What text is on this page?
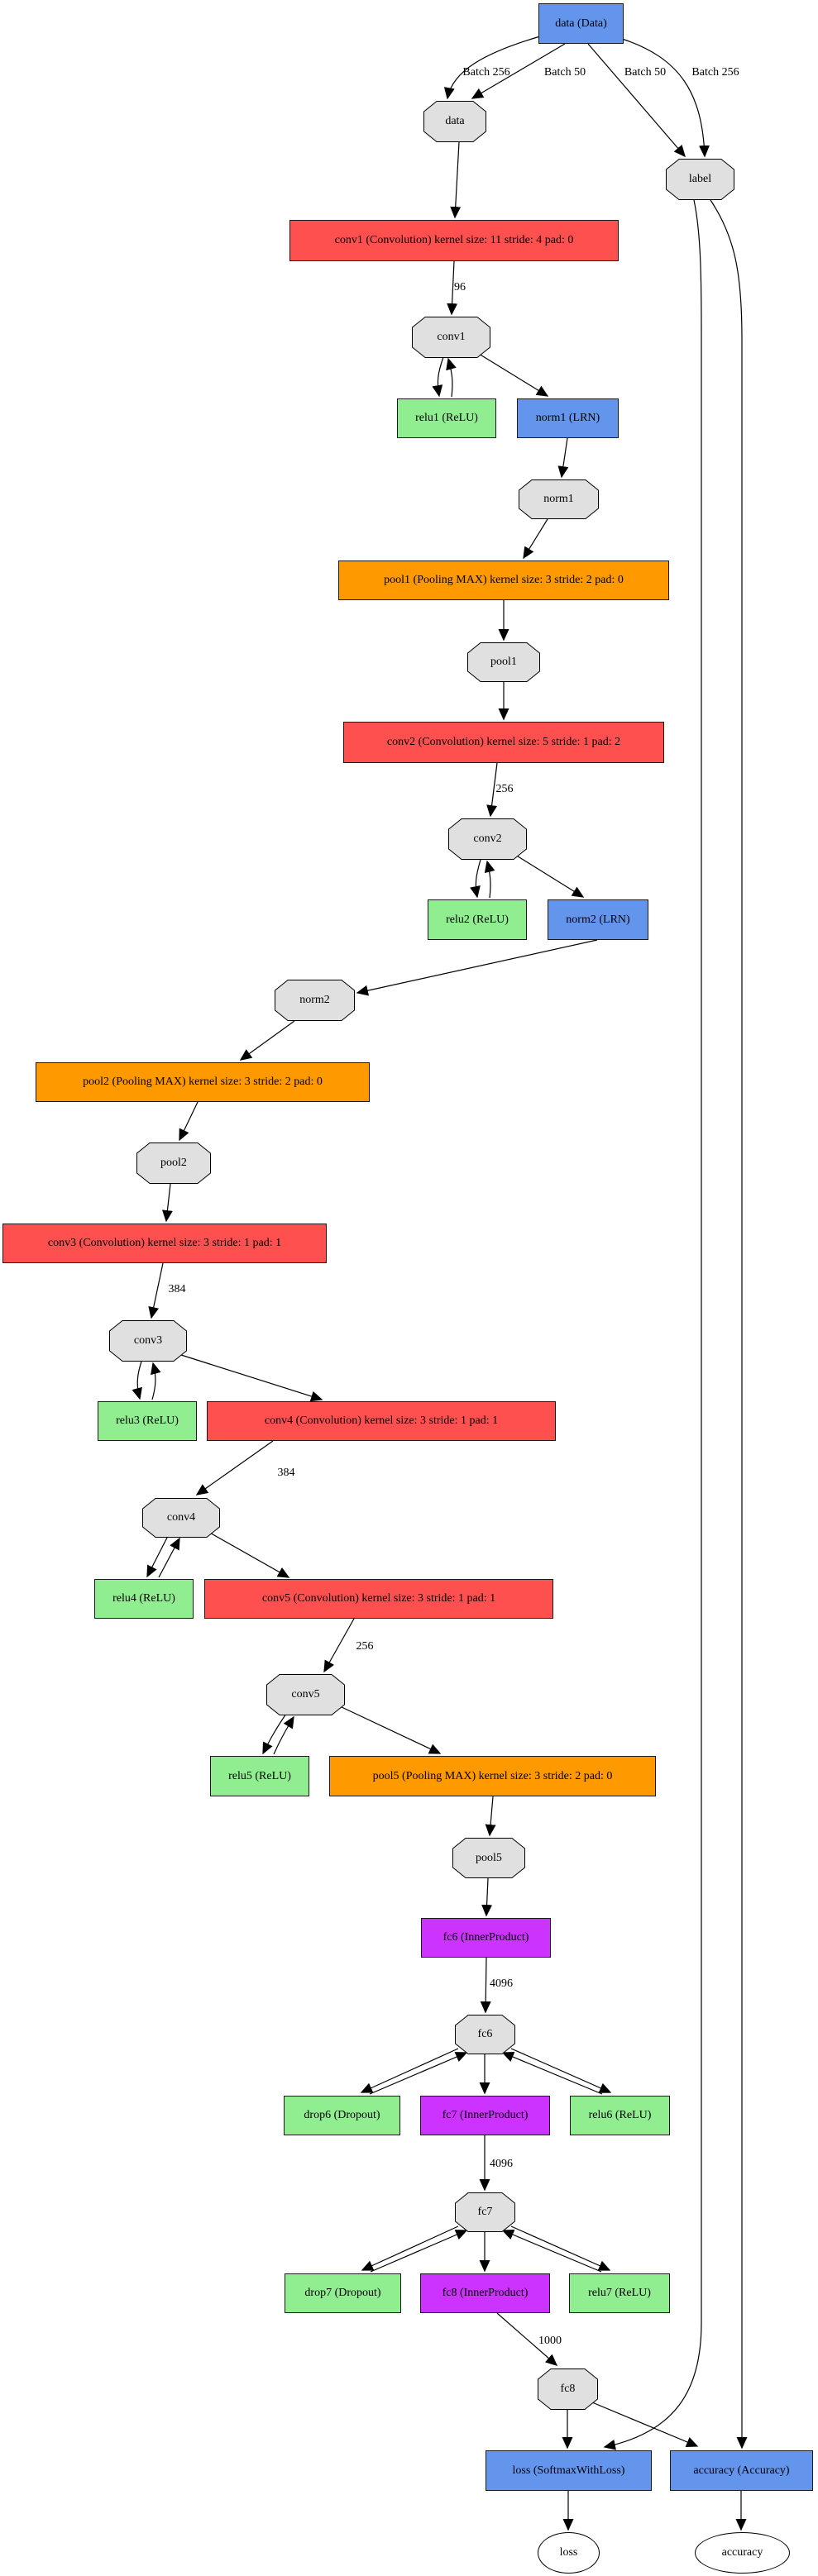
Batch 256	Batch 50	Batch 50 Batch 256
96
256
384
384
256
4096
4096
1000
data (Data)
data
label
conv1 (Convolution) kernel size: 11 stride: 4 pad: 0
conv1
relu1 (ReLU)	norm1 (LRN)
norm1
pool1 (Pooling MAX) kernel size: 3 stride: 2 pad: 0
pool1
conv2 (Convolution) kernel size: 5 stride: 1 pad: 2
conv2
relu2 (ReLU)	norm2 (LRN)
norm2
pool2 (Pooling MAX) kernel size: 3 stride: 2 pad: 0
pool2
conv3 (Convolution) kernel size: 3 stride: 1 pad: 1
conv3
relu3 (ReLU)	conv4 (Convolution) kernel size: 3 stride: 1 pad: 1
conv4
relu4 (ReLU)	conv5 (Convolution) kernel size: 3 stride: 1 pad: 1
conv5
relu5 (ReLU)	pool5 (Pooling MAX) kernel size: 3 stride: 2 pad: 0
pool5
fc6 (InnerProduct)
fc6
drop6 (Dropout)	fc7 (InnerProduct)	relu6 (ReLU)
fc7
drop7 (Dropout)	fc8 (InnerProduct)	relu7 (ReLU)
fc8
loss (SoftmaxWithLoss)	accuracy (Accuracy)
loss	accuracy
